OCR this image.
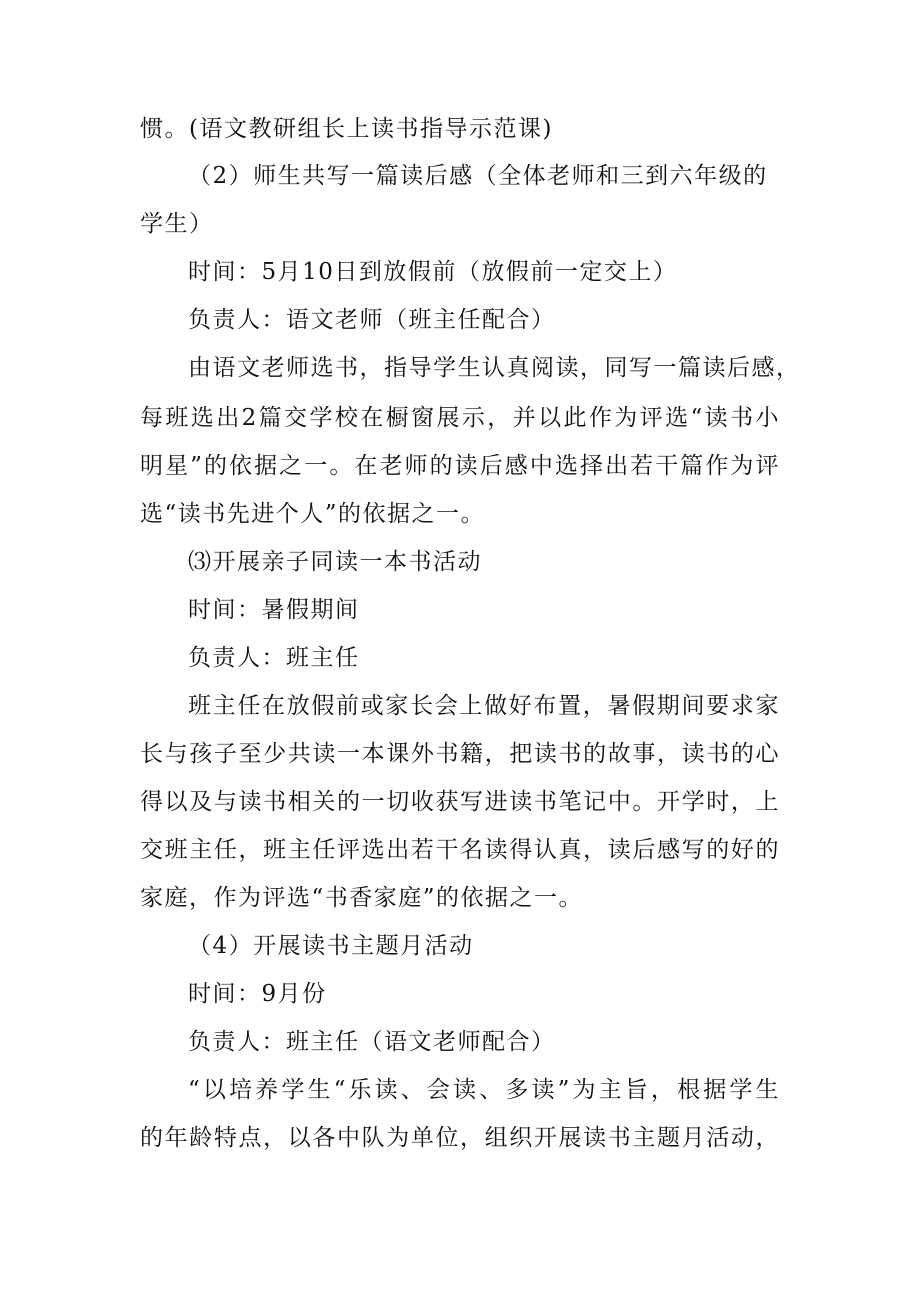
惯。(语文教研组长上读书指导示范课)

（2）师生共写一篇读后感（全体老师和三到六年级的

学生）

时间：5月10日到放假前（放假前一定交上）

负责人：语文老师（班主任配合）

由语文老师选书，指导学生认真阅读，同写一篇读后感，

每班选出2篇交学校在橱窗展示，并以此作为评选“读书小

明星”的依据之一。在老师的读后感中选择出若干篇作为评

选“读书先进个人”的依据之一。

⑶开展亲子同读一本书活动

时间：暑假期间

负责人：班主任

班主任在放假前或家长会上做好布置，暑假期间要求家

长与孩子至少共读一本课外书籍，把读书的故事，读书的心

得以及与读书相关的一切收获写进读书笔记中。开学时，上

交班主任，班主任评选出若干名读得认真，读后感写的好的

家庭，作为评选“书香家庭”的依据之一。

（4）开展读书主题月活动

时间：9月份

负责人：班主任（语文老师配合）

“以培养学生“乐读、会读、多读”为主旨，根据学生

的年龄特点，以各中队为单位，组织开展读书主题月活动，
